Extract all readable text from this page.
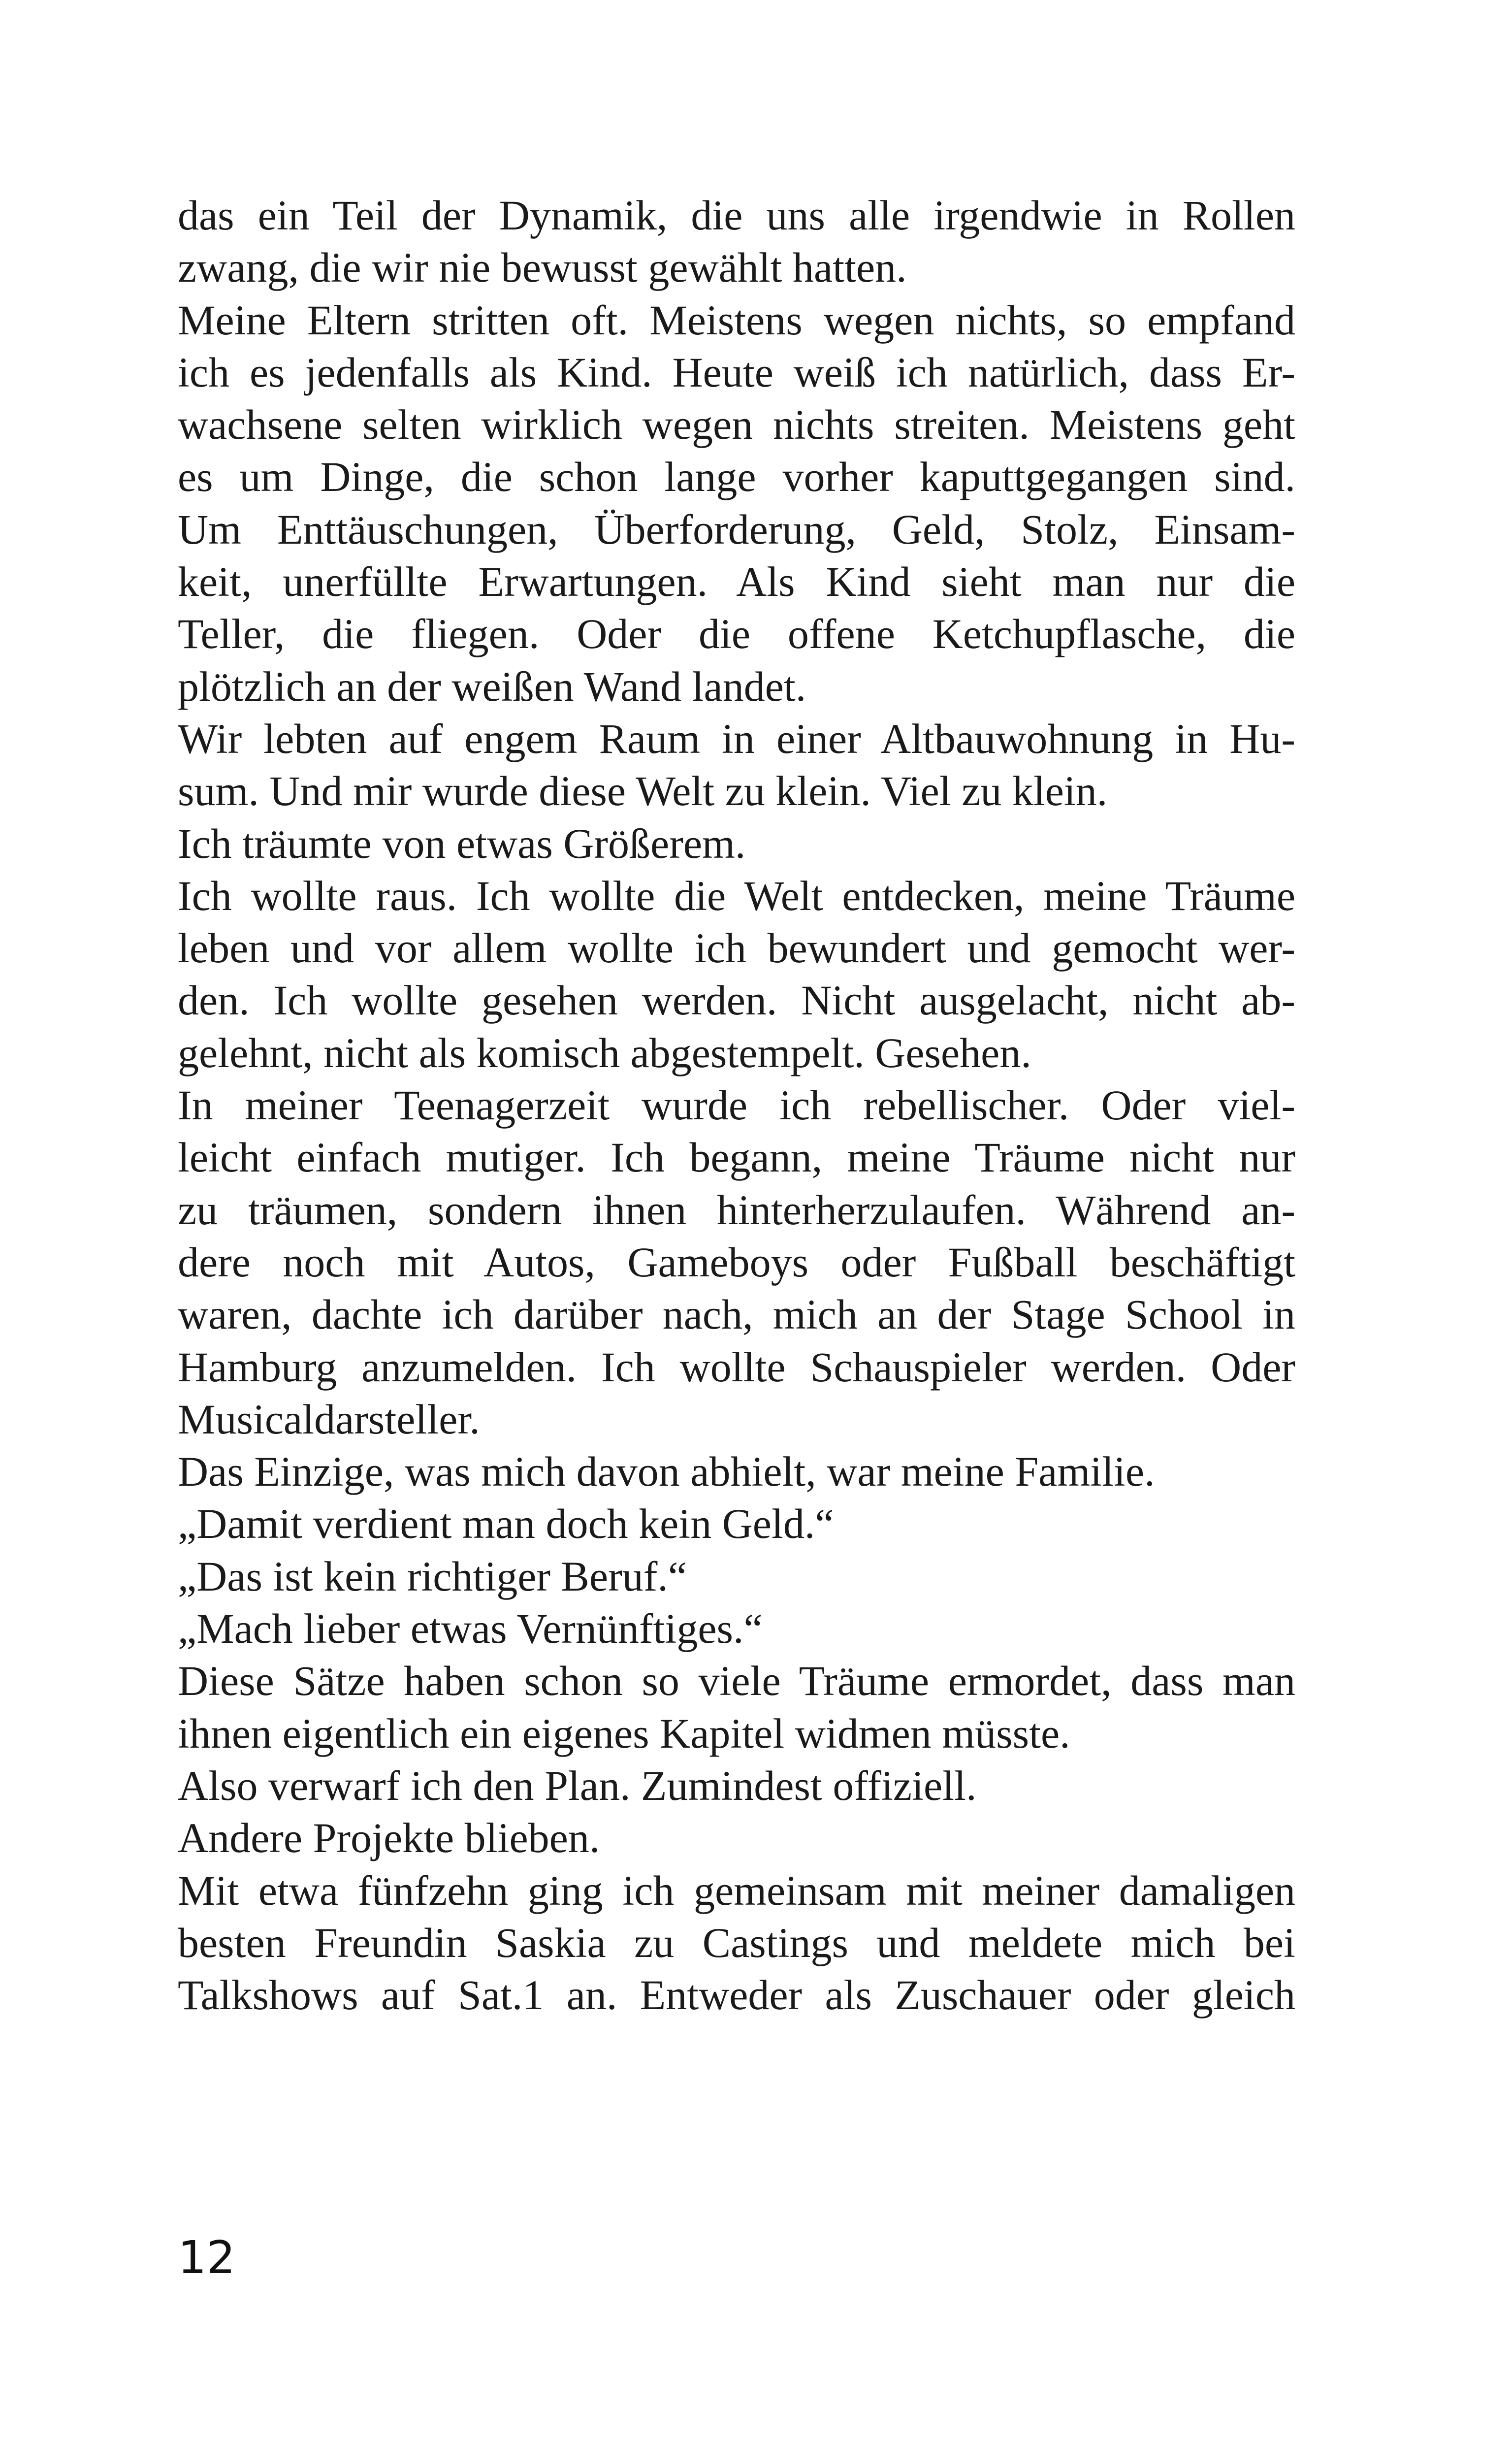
das ein Teil der Dynamik, die uns alle irgendwie in Rollen
zwang, die wir nie bewusst gewählt hatten.
Meine Eltern stritten oft. Meistens wegen nichts, so empfand
ich es jedenfalls als Kind. Heute weiß ich natürlich, dass Er-
wachsene selten wirklich wegen nichts streiten. Meistens geht
es um Dinge, die schon lange vorher kaputtgegangen sind.
Um Enttäuschungen, Überforderung, Geld, Stolz, Einsam-
keit, unerfüllte Erwartungen. Als Kind sieht man nur die
Teller, die fliegen. Oder die offene Ketchupflasche, die
plötzlich an der weißen Wand landet.
Wir lebten auf engem Raum in einer Altbauwohnung in Hu-
sum. Und mir wurde diese Welt zu klein. Viel zu klein.
Ich träumte von etwas Größerem.
Ich wollte raus. Ich wollte die Welt entdecken, meine Träume
leben und vor allem wollte ich bewundert und gemocht wer-
den. Ich wollte gesehen werden. Nicht ausgelacht, nicht ab-
gelehnt, nicht als komisch abgestempelt. Gesehen.
In meiner Teenagerzeit wurde ich rebellischer. Oder viel-
leicht einfach mutiger. Ich begann, meine Träume nicht nur
zu träumen, sondern ihnen hinterherzulaufen. Während an-
dere noch mit Autos, Gameboys oder Fußball beschäftigt
waren, dachte ich darüber nach, mich an der Stage School in
Hamburg anzumelden. Ich wollte Schauspieler werden. Oder
Musicaldarsteller.
Das Einzige, was mich davon abhielt, war meine Familie.
„Damit verdient man doch kein Geld.“
„Das ist kein richtiger Beruf.“
„Mach lieber etwas Vernünftiges.“
Diese Sätze haben schon so viele Träume ermordet, dass man
ihnen eigentlich ein eigenes Kapitel widmen müsste.
Also verwarf ich den Plan. Zumindest offiziell.
Andere Projekte blieben.
Mit etwa fünfzehn ging ich gemeinsam mit meiner damaligen
besten Freundin Saskia zu Castings und meldete mich bei
Talkshows auf Sat.1 an. Entweder als Zuschauer oder gleich
12
